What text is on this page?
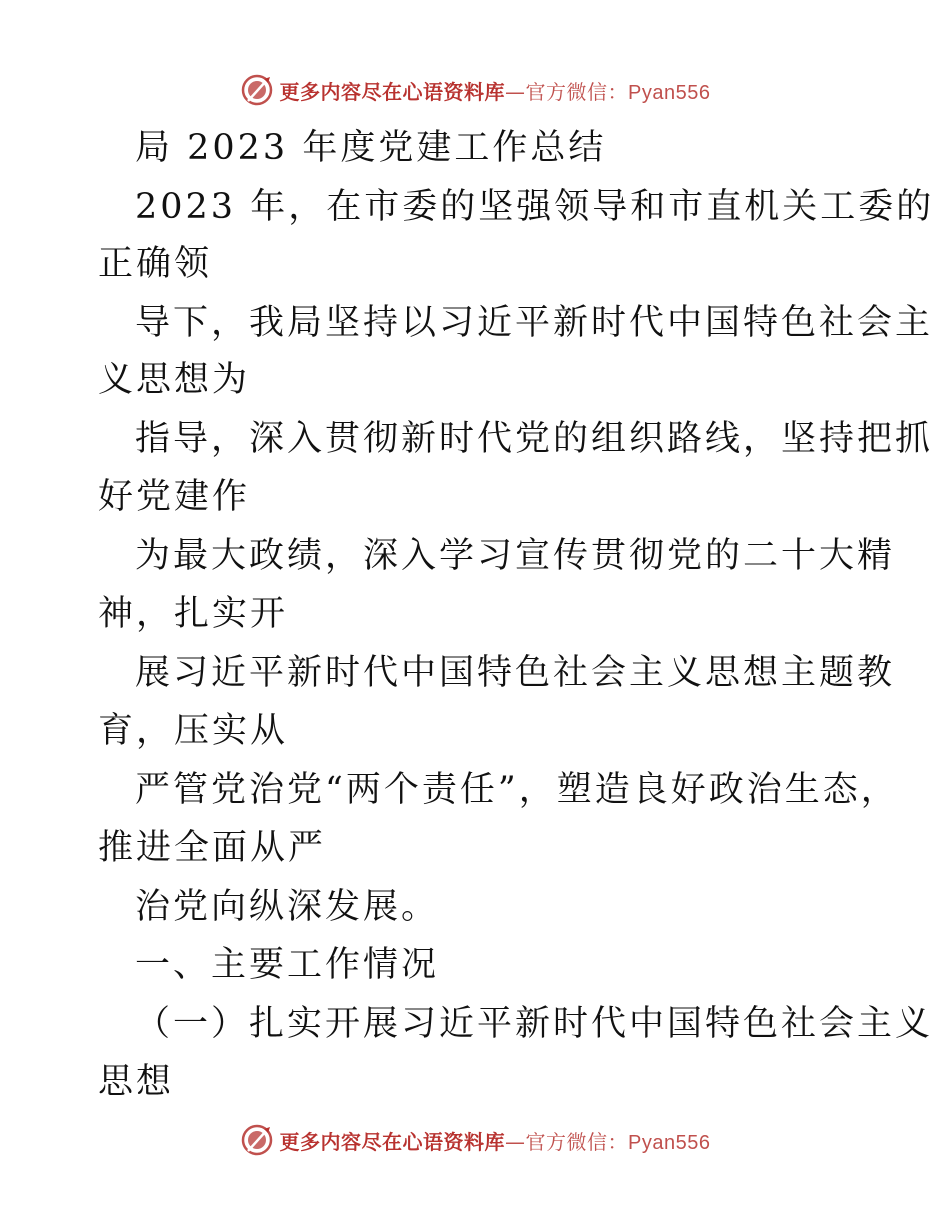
更多内容尽在心语资料库—官方微信：Pyan556
局 2023 年度党建工作总结
2023 年，在市委的坚强领导和市直机关工委的
正确领
导下，我局坚持以习近平新时代中国特色社会主
义思想为
指导，深入贯彻新时代党的组织路线，坚持把抓
好党建作
为最大政绩，深入学习宣传贯彻党的二十大精
神，扎实开
展习近平新时代中国特色社会主义思想主题教
育，压实从
严管党治党“两个责任”，塑造良好政治生态，
推进全面从严
治党向纵深发展。
一、主要工作情况
（一）扎实开展习近平新时代中国特色社会主义
思想
更多内容尽在心语资料库—官方微信：Pyan556
